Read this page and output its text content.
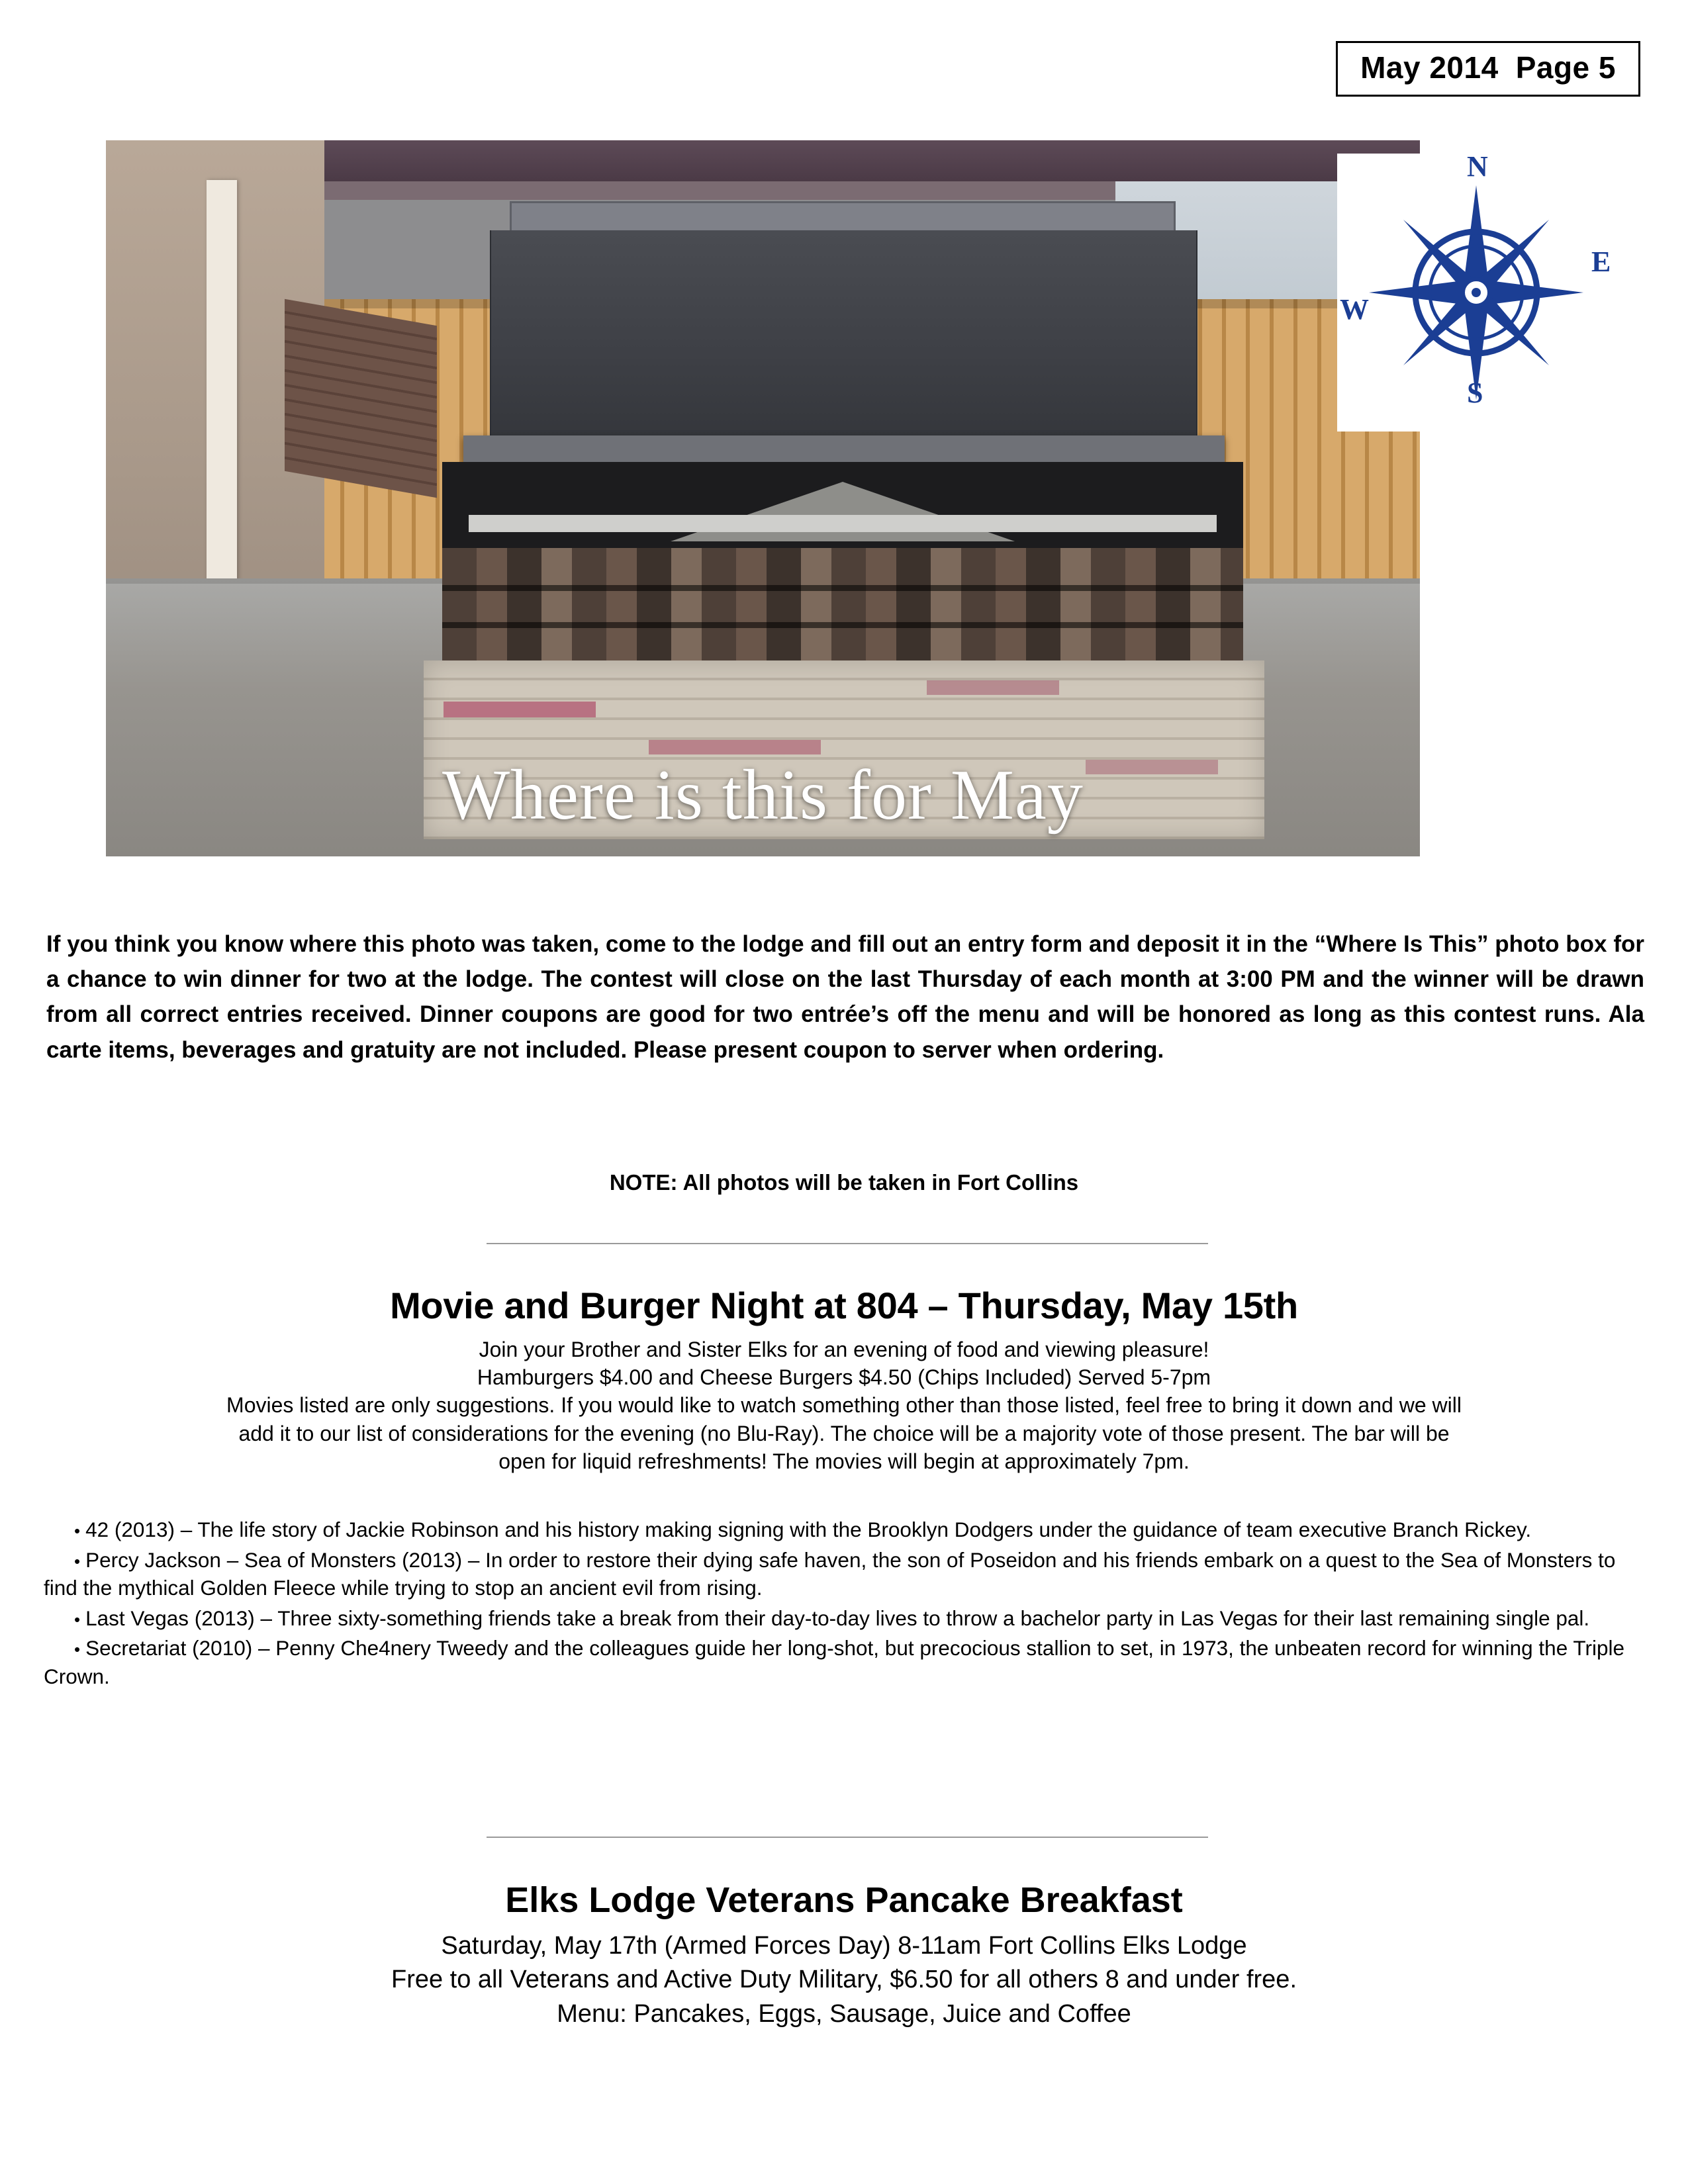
May 2014 Page 5
Where is this for May
N
E
S
W
If you think you know where this photo was taken, come to the lodge and fill out an entry form and deposit it in the “Where Is This” photo box for a chance to win dinner for two at the lodge. The contest will close on the last Thursday of each month at 3:00 PM and the winner will be drawn from all correct entries received. Dinner coupons are good for two entrée’s off the menu and will be honored as long as this contest runs. Ala carte items, beverages and gratuity are not included. Please present coupon to server when ordering.
NOTE: All photos will be taken in Fort Collins
Movie and Burger Night at 804 – Thursday, May 15th
Join your Brother and Sister Elks for an evening of food and viewing pleasure!
Hamburgers $4.00 and Cheese Burgers $4.50 (Chips Included) Served 5-7pm
Movies listed are only suggestions. If you would like to watch something other than those listed, feel free to bring it down and we will
add it to our list of considerations for the evening (no Blu-Ray). The choice will be a majority vote of those present. The bar will be
open for liquid refreshments! The movies will begin at approximately 7pm.
• 42 (2013) – The life story of Jackie Robinson and his history making signing with the Brooklyn Dodgers under the guidance of team executive Branch Rickey.
• Percy Jackson – Sea of Monsters (2013) – In order to restore their dying safe haven, the son of Poseidon and his friends embark on a quest to the Sea of Monsters to find the mythical Golden Fleece while trying to stop an ancient evil from rising.
• Last Vegas (2013) – Three sixty-something friends take a break from their day-to-day lives to throw a bachelor party in Las Vegas for their last remaining single pal.
• Secretariat (2010) – Penny Che4nery Tweedy and the colleagues guide her long-shot, but precocious stallion to set, in 1973, the unbeaten record for winning the Triple Crown.
Elks Lodge Veterans Pancake Breakfast
Saturday, May 17th (Armed Forces Day) 8-11am Fort Collins Elks Lodge
Free to all Veterans and Active Duty Military, $6.50 for all others 8 and under free.
Menu: Pancakes, Eggs, Sausage, Juice and Coffee
